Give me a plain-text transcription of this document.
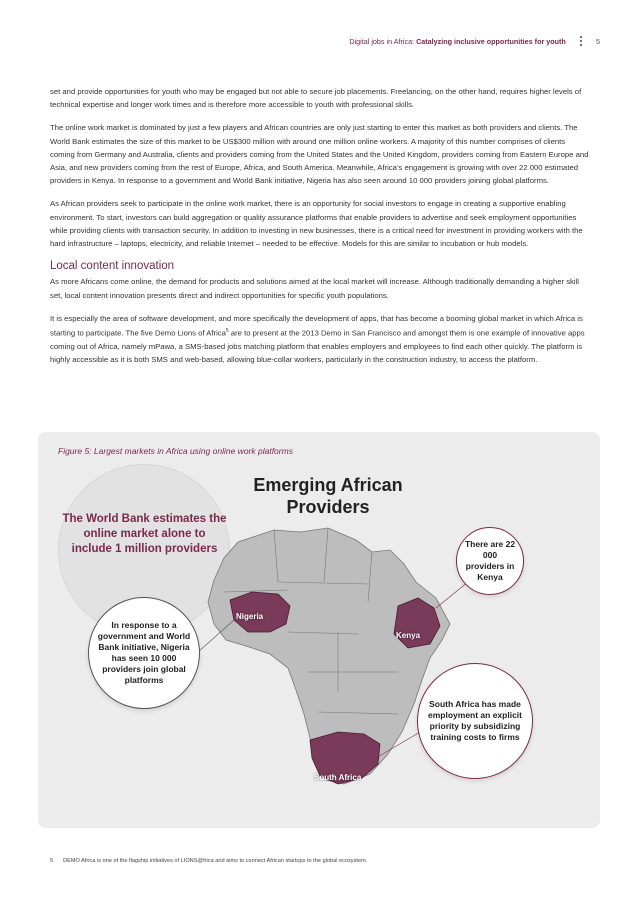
Digital jobs in Africa: Catalyzing inclusive opportunities for youth	5

set and provide opportunities for youth who may be engaged but not able to secure job placements. Freelancing, on the other hand, requires higher levels of technical expertise and longer work times and is therefore more accessible to youth with professional skills.

The online work market is dominated by just a few players and African countries are only just starting to enter this market as both providers and clients. The World Bank estimates the size of this market to be US$300 million with around one million online workers. A majority of this number comprises of clients coming from Germany and Australia, clients and providers coming from the United States and the United Kingdom, providers coming from Eastern Europe and Asia, and new providers coming from the rest of Europe, Africa, and South America. Meanwhile, Africa’s engagement is growing with over 22 000 estimated providers in Kenya. In response to a government and World Bank initiative, Nigeria has also seen around 10 000 providers joining global platforms.

As African providers seek to participate in the online work market, there is an opportunity for social investors to engage in creating a supportive enabling environment. To start, investors can build aggregation or quality assurance platforms that enable providers to advertise and seek employment opportunities while providing clients with transaction security. In addition to investing in new businesses, there is a critical need for investment in providing workers with the hard infrastructure – laptops, electricity, and reliable Internet – needed to be effective. Models for this are similar to incubation or hub models.

Local content innovation

As more Africans come online, the demand for products and solutions aimed at the local market will increase. Although traditionally demanding a higher skill set, local content innovation presents direct and indirect opportunities for specific youth populations.

It is especially the area of software development, and more specifically the development of apps, that has become a booming global market in which Africa is starting to participate. The five Demo Lions of Africa$^5$ are to present at the 2013 Demo in San Francisco and amongst them is one example of innovative apps coming out of Africa, namely mPawa, a SMS-based jobs matching platform that enables employers and employees to find each other quickly. The platform is highly accessible as it is both SMS and web-based, allowing blue-collar workers, particularly in the construction industry, to access the platform.

Figure 5: Largest markets in Africa using online work platforms
The World Bank estimates the online market alone to include 1 million providers
Emerging African Providers
Nigeria
Kenya
South Africa
In response to a government and World Bank initiative, Nigeria has seen 10 000 providers join global platforms
There are 22 000 providers in Kenya
South Africa has made employment an explicit priority by subsidizing training costs to firms
5 DEMO Africa is one of the flagship initiatives of LIONS@frica and aims to connect African startups to the global ecosystem.
